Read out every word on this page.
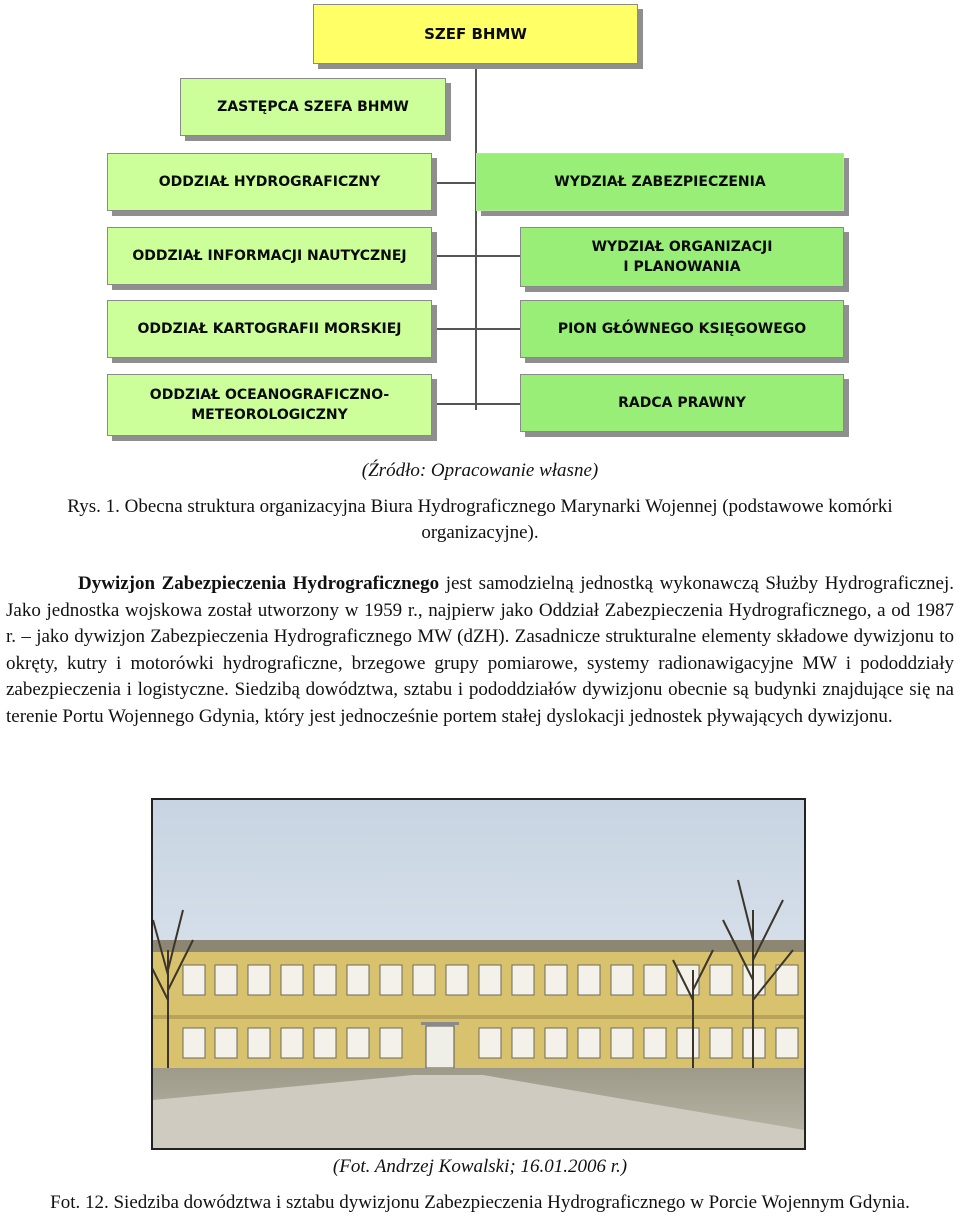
SZEF BHMW
ZASTĘPCA SZEFA BHMW
ODDZIAŁ HYDROGRAFICZNY
ODDZIAŁ INFORMACJI NAUTYCZNEJ
ODDZIAŁ KARTOGRAFII MORSKIEJ
ODDZIAŁ OCEANOGRAFICZNO-
METEOROLOGICZNY
WYDZIAŁ ZABEZPIECZENIA
WYDZIAŁ ORGANIZACJI
I PLANOWANIA
PION GŁÓWNEGO KSIĘGOWEGO
RADCA PRAWNY
(Źródło: Opracowanie własne)
Rys. 1. Obecna struktura organizacyjna Biura Hydrograficznego Marynarki Wojennej (podstawowe komórki
organizacyjne).

Dywizjon Zabezpieczenia Hydrograficznego jest samodzielną jednostką wykonawczą Służby Hydrograficznej. Jako jednostka wojskowa został utworzony w 1959 r., najpierw jako Oddział Zabezpieczenia Hydrograficznego, a od 1987 r. – jako dywizjon Zabezpieczenia Hydrograficznego MW (dZH). Zasadnicze strukturalne elementy składowe dywizjonu to okręty, kutry i motorówki hydrograficzne, brzegowe grupy pomiarowe, systemy radionawigacyjne MW i pododdziały zabezpieczenia i logistyczne. Siedzibą dowództwa, sztabu i pododdziałów dywizjonu obecnie są budynki znajdujące się na terenie Portu Wojennego Gdynia, który jest jednocześnie portem stałej dyslokacji jednostek pływających dywizjonu.

(Fot. Andrzej Kowalski; 16.01.2006 r.)
Fot. 12. Siedziba dowództwa i sztabu dywizjonu Zabezpieczenia Hydrograficznego w Porcie Wojennym Gdynia.
